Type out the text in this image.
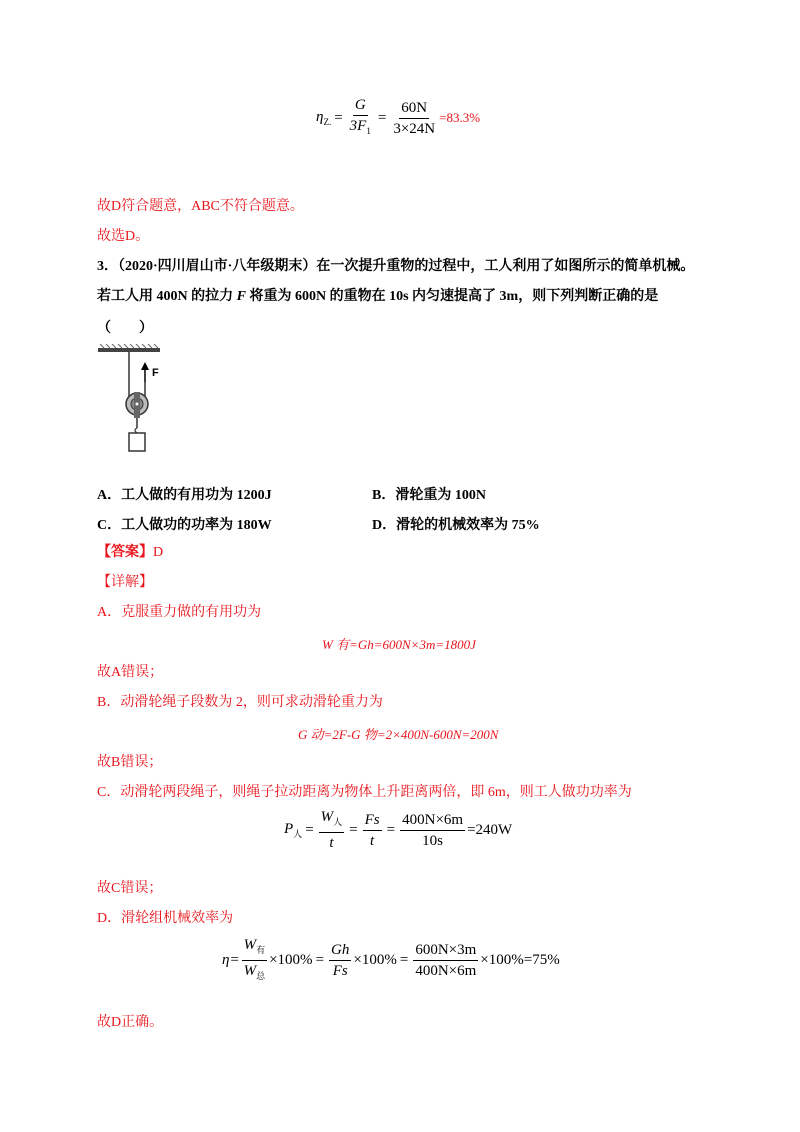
$\eta_{Z.} = \frac{G}{3F_1} = \frac{60N}{3\times 24N} =83.3\%$
故D符合题意，ABC不符合题意。
故选D。
3．（2020·四川眉山市·八年级期末）在一次提升重物的过程中，工人利用了如图所示的简单机械。
若工人用 400N 的拉力 F 将重为 600N 的重物在 10s 内匀速提高了 3m，则下列判断正确的是
（　　）
F
A．工人做的有用功为 1200J	B．滑轮重为 100N
C．工人做功的功率为 180W	D．滑轮的机械效率为 75%
【答案】D
【详解】
A．克服重力做的有用功为
W 有=Gh=600N×3m=1800J
故A错误；
B．动滑轮绳子段数为 2，则可求动滑轮重力为
G 动=2F-G 物=2×400N-600N=200N
故B错误；
C．动滑轮两段绳子，则绳子拉动距离为物体上升距离两倍，即 6m，则工人做功功率为
$P_人 = \frac{W_人}{t} = \frac{Fs}{t} = \frac{400N\times 6m}{10s} =240W$
故C错误；
D．滑轮组机械效率为
$\eta= \frac{W_有}{W_总} \times 100\% = \frac{Gh}{Fs} \times 100\% = \frac{600N\times 3m}{400N\times 6m} \times 100\%=75\%$
故D正确。
